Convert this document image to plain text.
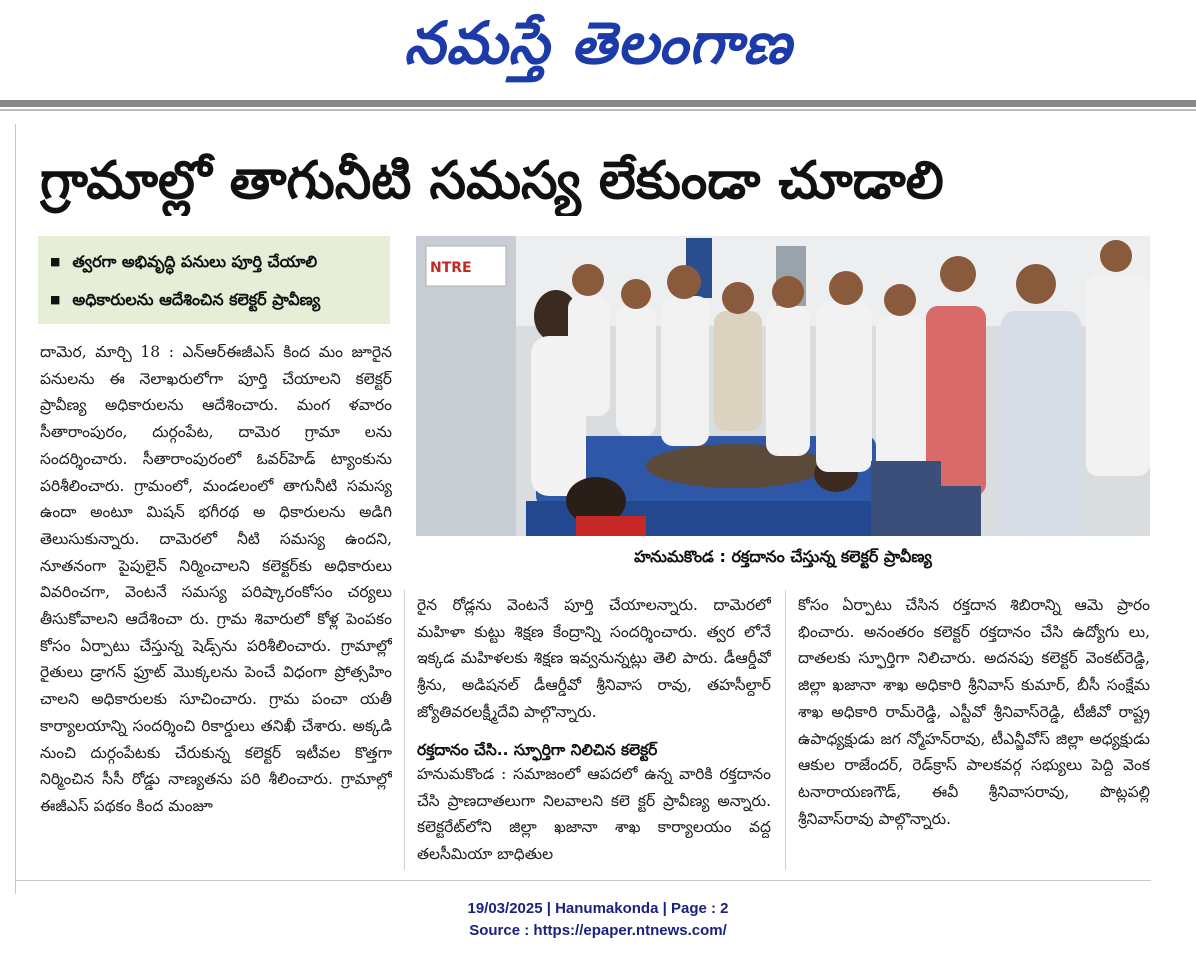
నమస్తే తెలంగాణ
గ్రామాల్లో తాగునీటి సమస్య లేకుండా చూడాలి
■ త్వరగా అభివృద్ధి పనులు పూర్తి చేయాలి
■ అధికారులను ఆదేశించిన కలెక్టర్ ప్రావీణ్య
NTRE
హనుమకొండ : రక్తదానం చేస్తున్న కలెక్టర్ ప్రావీణ్య
దామెర, మార్చి 18 : ఎన్ఆర్ఈజీఎస్ కింద మం జూరైన పనులను ఈ నెలాఖరులోగా పూర్తి చేయాలని కలెక్టర్ ప్రావీణ్య అధికారులను ఆదేశించారు. మంగ ళవారం సీతారాంపురం, దుర్గంపేట, దామెర గ్రామా లను సందర్శించారు. సీతారాంపురంలో ఓవర్‌హెడ్ ట్యాంకును పరిశీలించారు. గ్రామంలో, మండలంలో తాగునీటి సమస్య ఉందా అంటూ మిషన్ భగీరథ అ ధికారులను అడిగి తెలుసుకున్నారు. దామెరలో నీటి సమస్య ఉందని, నూతనంగా పైపులైన్ నిర్మించాలని కలెక్టర్‌కు అధికారులు వివరించగా, వెంటనే సమస్య పరిష్కారంకోసం చర్యలు తీసుకోవాలని ఆదేశించా రు. గ్రామ శివారులో కోళ్ల పెంపకం కోసం ఏర్పాటు చేస్తున్న షెడ్స్‌ను పరిశీలించారు. గ్రామాల్లో రైతులు డ్రాగన్ ఫ్రూట్ మొక్కలను పెంచే విధంగా ప్రోత్సహిం చాలని అధికారులకు సూచించారు. గ్రామ పంచా యతీ కార్యాలయాన్ని సందర్శించి రికార్డులు తనిఖీ చేశారు. అక్కడి నుంచి దుర్గంపేటకు చేరుకున్న కలెక్టర్ ఇటీవల కొత్తగా నిర్మించిన సీసీ రోడ్డు నాణ్యతను పరి శీలించారు. గ్రామాల్లో ఈజీఎస్ పథకం కింద మంజూ
రైన రోడ్లను వెంటనే పూర్తి చేయాలన్నారు. దామెరలో మహిళా కుట్టు శిక్షణ కేంద్రాన్ని సందర్శించారు. త్వర లోనే ఇక్కడ మహిళలకు శిక్షణ ఇవ్వనున్నట్లు తెలి పారు. డీఆర్డీవో శ్రీను, అడిషనల్ డీఆర్డీవో శ్రీనివాస రావు, తహసీల్దార్ జ్యోతివరలక్ష్మీదేవి పాల్గొన్నారు.
రక్తదానం చేసి.. స్ఫూర్తిగా నిలిచిన కలెక్టర్
హనుమకొండ : సమాజంలో ఆపదలో ఉన్న వారికి రక్తదానం చేసి ప్రాణదాతలుగా నిలవాలని కలె క్టర్ ప్రావీణ్య అన్నారు. కలెక్టరేట్‌లోని జిల్లా ఖజానా శాఖ కార్యాలయం వద్ద తలసీమియా బాధితుల
కోసం ఏర్పాటు చేసిన రక్తదాన శిబిరాన్ని ఆమె ప్రారం భించారు. అనంతరం కలెక్టర్ రక్తదానం చేసి ఉద్యోగు లు, దాతలకు స్ఫూర్తిగా నిలిచారు. అదనపు కలెక్టర్ వెంకట్‌రెడ్డి, జిల్లా ఖజానా శాఖ అధికారి శ్రీనివాస్ కుమార్, బీసీ సంక్షేమ శాఖ అధికారి రామ్‌రెడ్డి, ఎస్టీవో శ్రీనివాస్‌రెడ్డి, టీజీవో రాష్ట్ర ఉపాధ్యక్షుడు జగ న్మోహన్‌రావు, టీఎన్జీవోస్ జిల్లా అధ్యక్షుడు ఆకుల రాజేందర్, రెడ్‌క్రాస్ పాలకవర్గ సభ్యులు పెద్ది వెంక టనారాయణగౌడ్, ఈవీ శ్రీనివాసరావు, పొట్లపల్లి శ్రీనివాస్‌రావు పాల్గొన్నారు.
19/03/2025 | Hanumakonda | Page : 2
Source : https://epaper.ntnews.com/
